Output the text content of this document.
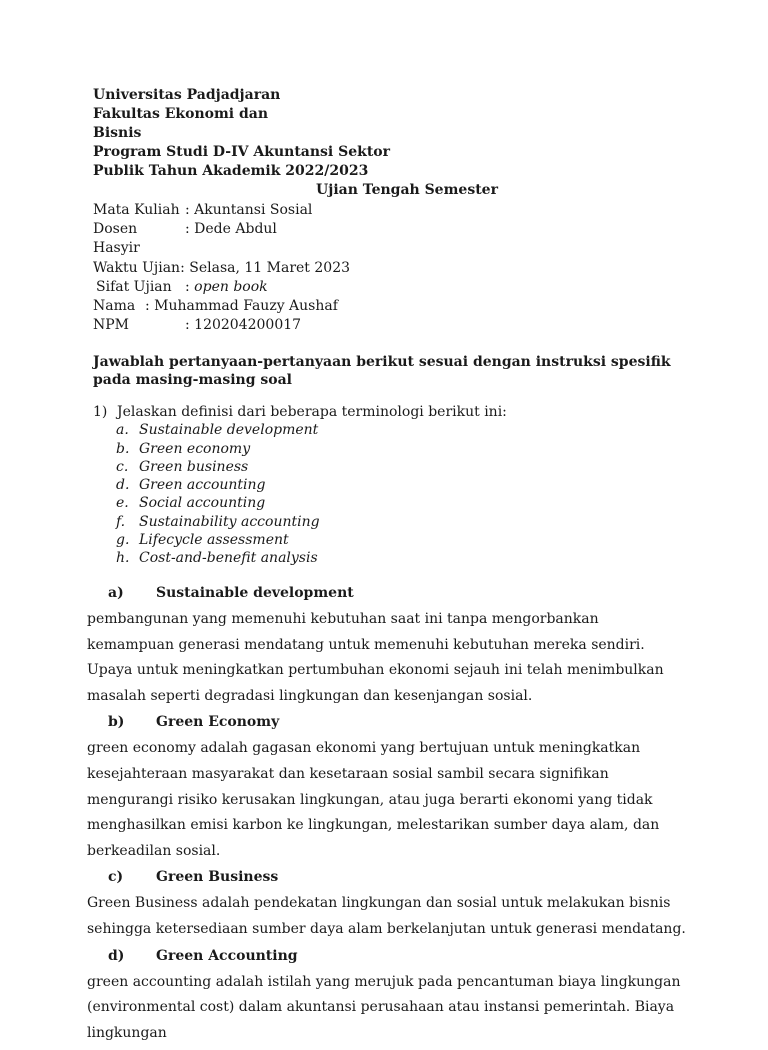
Universitas Padjadjaran
Fakultas Ekonomi dan
Bisnis
Program Studi D-IV Akuntansi Sektor
Publik Tahun Akademik 2022/2023
Ujian Tengah Semester
Mata Kuliah : Akuntansi Sosial
Dosen	: Dede Abdul
Hasyir
Waktu Ujian: Selasa, 11 Maret 2023
Sifat Ujian : open book
Nama : Muhammad Fauzy Aushaf
NPM	: 120204200017
Jawablah pertanyaan-pertanyaan berikut sesuai dengan instruksi spesifik pada masing-masing soal
1) Jelaskan definisi dari beberapa terminologi berikut ini:
a. Sustainable development
b. Green economy
c. Green business
d. Green accounting
e. Social accounting
f. Sustainability accounting
g. Lifecycle assessment
h. Cost-and-benefit analysis
a)	Sustainable development

pembangunan yang memenuhi kebutuhan saat ini tanpa mengorbankan kemampuan generasi mendatang untuk memenuhi kebutuhan mereka sendiri. Upaya untuk meningkatkan pertumbuhan ekonomi sejauh ini telah menimbulkan masalah seperti degradasi lingkungan dan kesenjangan sosial.

b)	Green Economy

green economy adalah gagasan ekonomi yang bertujuan untuk meningkatkan kesejahteraan masyarakat dan kesetaraan sosial sambil secara signifikan mengurangi risiko kerusakan lingkungan, atau juga berarti ekonomi yang tidak menghasilkan emisi karbon ke lingkungan, melestarikan sumber daya alam, dan berkeadilan sosial.

c)	Green Business

Green Business adalah pendekatan lingkungan dan sosial untuk melakukan bisnis sehingga ketersediaan sumber daya alam berkelanjutan untuk generasi mendatang.

d)	Green Accounting

green accounting adalah istilah yang merujuk pada pencantuman biaya lingkungan (environmental cost) dalam akuntansi perusahaan atau instansi pemerintah. Biaya lingkungan
